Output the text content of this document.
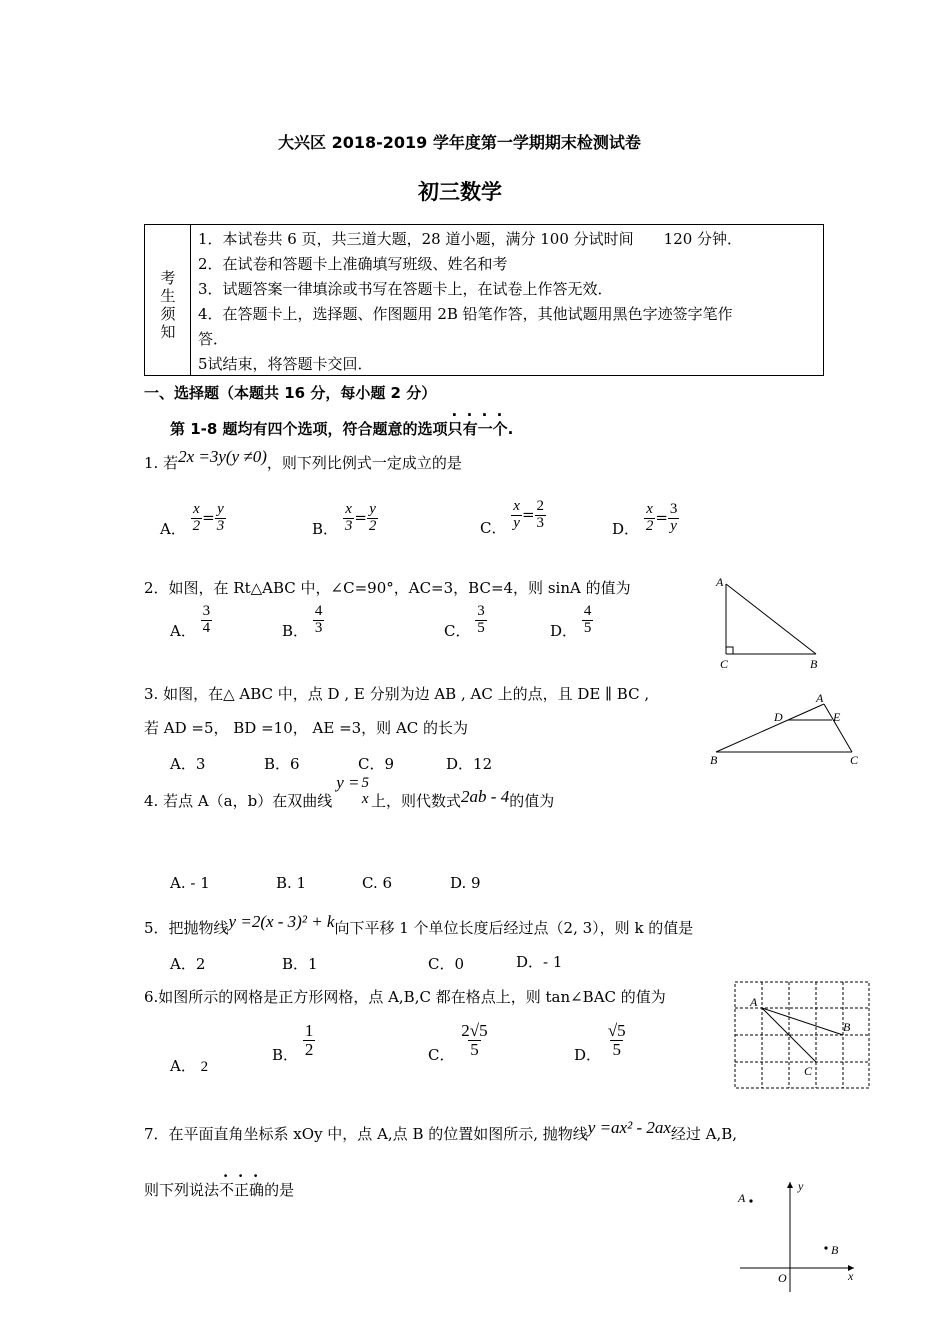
大兴区 2018-2019 学年度第一学期期末检测试卷
初三数学
考
生
须
知
1．本试卷共 6 页，共三道大题，28 道小题，满分 100 分试时间　　120 分钟．
2．在试卷和答题卡上准确填写班级、姓名和考
3．试题答案一律填涂或书写在答题卡上，在试卷上作答无效．
4．在答题卡上，选择题、作图题用 2B 铅笔作答，其他试题用黑色字迹签字笔作
答．
5试结束，将答题卡交回．
一、选择题（本题共 16 分，每小题 2 分）
第 1-8 题均有四个选项，符合题意的选项只有一个.
1. 若2x =3y(y ≠0)，则下列比例式一定成立的是
A． $\frac{x}{2} = \frac{y}{3}$	B． $\frac{x}{3} = \frac{y}{2}$	C． $\frac{x}{y} = \frac{2}{3}$	D． $\frac{x}{2} = \frac{3}{y}$
2．如图，在 Rt△ABC 中，∠C=90°，AC=3，BC=4，则 sinA 的值为
A． $\frac{3}{4}$	B． $\frac{4}{3}$	C． $\frac{3}{5}$	D． $\frac{4}{5}$
A
C	B
3. 如图，在△ ABC 中，点 D , E 分别为边 AB , AC 上的点，且 DE ∥ BC ,
若 AD =5， BD =10， AE =3，则 AC 的长为
A．3	B．6	C．9	D．12
A
D	E
B	C
4. 若点 A（a，b）在双曲线y = 5
x 上，则代数式2ab - 4的值为
A. - 1	B. 1	C. 6	D. 9
5．把抛物线y =2(x - 3)² + k向下平移 1 个单位长度后经过点（2, 3），则 k 的值是
A．2	B．1	C．0	D．- 1
6.如图所示的网格是正方形网格，点 A,B,C 都在格点上，则 tan∠BAC 的值为
A． 2
B． $\frac{1}{2}$	C． $\frac{2√5}{5}$	D． $\frac{√5}{5}$
A
B
C
7．在平面直角坐标系 xOy 中，点 A,点 B 的位置如图所示, 抛物线y =ax² - 2ax经过 A,B,
则下列说法不正确的是	y
A
B
O	x
